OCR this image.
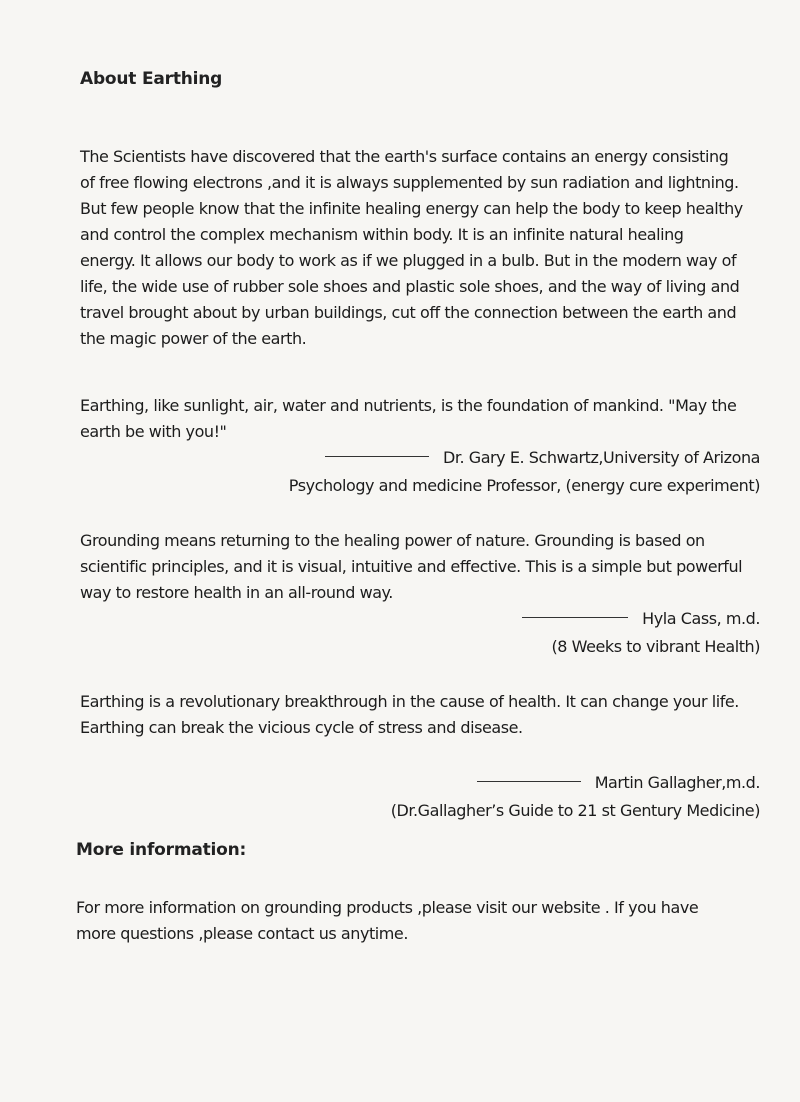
About Earthing

The Scientists have discovered that the earth's surface contains an energy consisting
of free flowing electrons ,and it is always supplemented by sun radiation and lightning.
But few people know that the infinite healing energy can help the body to keep healthy
and control the complex mechanism within body. It is an infinite natural healing
energy. It allows our body to work as if we plugged in a bulb. But in the modern way of
life, the wide use of rubber sole shoes and plastic sole shoes, and the way of living and
travel brought about by urban buildings, cut off the connection between the earth and
the magic power of the earth.

Earthing, like sunlight, air, water and nutrients, is the foundation of mankind. "May the
earth be with you!"

Dr. Gary E. Schwartz,University of Arizona
Psychology and medicine Professor, (energy cure experiment)

Grounding means returning to the healing power of nature. Grounding is based on
scientific principles, and it is visual, intuitive and effective. This is a simple but powerful
way to restore health in an all-round way.

Hyla Cass, m.d.
(8 Weeks to vibrant Health)

Earthing is a revolutionary breakthrough in the cause of health. It can change your life.
Earthing can break the vicious cycle of stress and disease.

Martin Gallagher,m.d.
(Dr.Gallagher’s Guide to 21 st Gentury Medicine)
More information:

For more information on grounding products ,please visit our website . If you have
more questions ,please contact us anytime.
